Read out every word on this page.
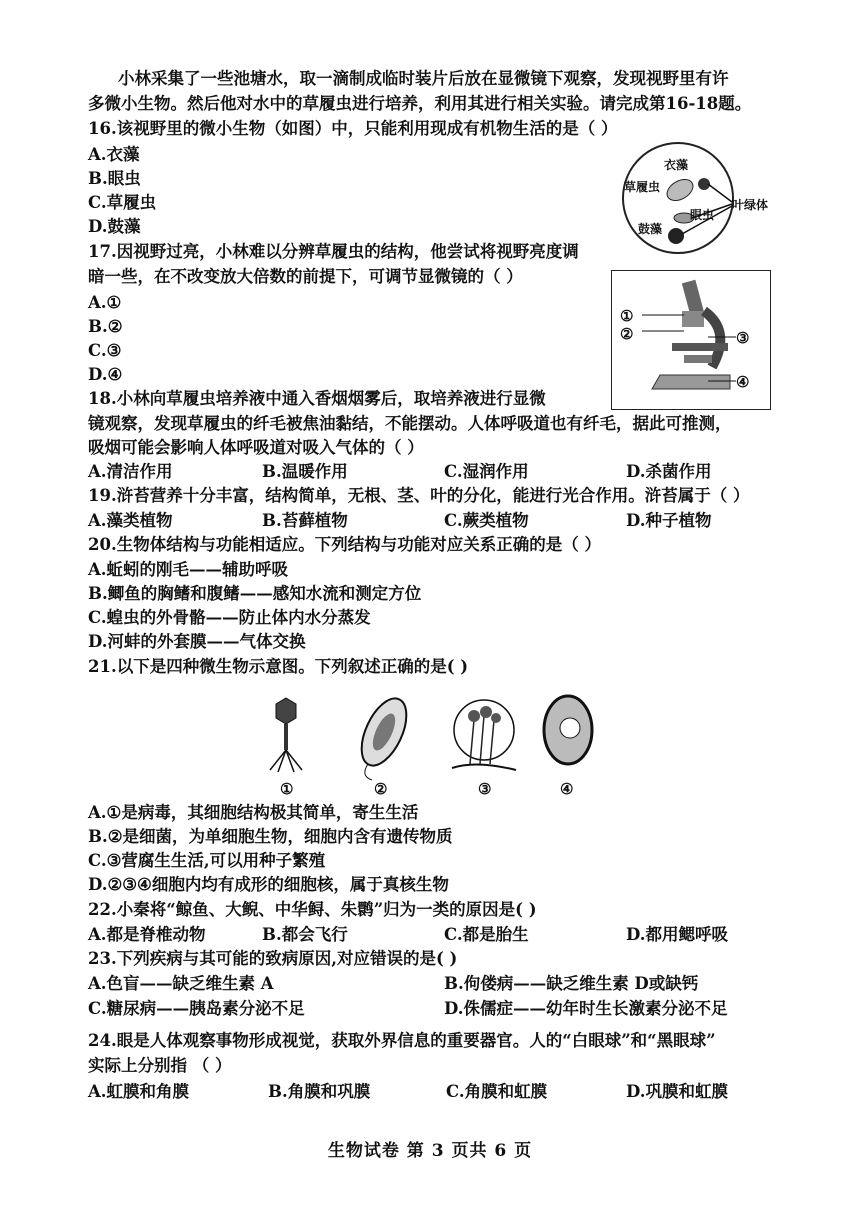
小林采集了一些池塘水，取一滴制成临时装片后放在显微镜下观察，发现视野里有许
多微小生物。然后他对水中的草履虫进行培养，利用其进行相关实验。请完成第16-18题。
16.该视野里的微小生物（如图）中，只能利用现成有机物生活的是（ ）
A.衣藻
B.眼虫
C.草履虫
D.鼓藻
衣藻
草履虫
眼虫
鼓藻
叶绿体
17.因视野过亮，小林难以分辨草履虫的结构，他尝试将视野亮度调
暗一些，在不改变放大倍数的前提下，可调节显微镜的（ ）
A.①
B.②
C.③
D.④
①
②	③
④
18.小林向草履虫培养液中通入香烟烟雾后，取培养液进行显微
镜观察，发现草履虫的纤毛被焦油黏结，不能摆动。人体呼吸道也有纤毛，据此可推测，
吸烟可能会影响人体呼吸道对吸入气体的（ ）
A.清洁作用	B.温暖作用	C.湿润作用	D.杀菌作用
19.浒苔营养十分丰富，结构简单，无根、茎、叶的分化，能进行光合作用。浒苔属于（ ）
A.藻类植物	B.苔藓植物	C.蕨类植物	D.种子植物
20.生物体结构与功能相适应。下列结构与功能对应关系正确的是（ ）
A.蚯蚓的刚毛——辅助呼吸
B.鲫鱼的胸鳍和腹鳍——感知水流和测定方位
C.蝗虫的外骨骼——防止体内水分蒸发
D.河蚌的外套膜——气体交换
21.以下是四种微生物示意图。下列叙述正确的是( )
①	②	③	④
A.①是病毒，其细胞结构极其简单，寄生生活
B.②是细菌，为单细胞生物，细胞内含有遗传物质
C.③营腐生生活,可以用种子繁殖
D.②③④细胞内均有成形的细胞核，属于真核生物
22.小秦将“鲸鱼、大鲵、中华鲟、朱鹮”归为一类的原因是( )
A.都是脊椎动物	B.都会飞行	C.都是胎生	D.都用鳃呼吸
23.下列疾病与其可能的致病原因,对应错误的是( )
A.色盲——缺乏维生素 A	B.佝偻病——缺乏维生素 D或缺钙
C.糖尿病——胰岛素分泌不足	D.侏儒症——幼年时生长激素分泌不足
24.眼是人体观察事物形成视觉，获取外界信息的重要器官。人的“白眼球”和“黑眼球”
实际上分别指 （ ）
A.虹膜和角膜	B.角膜和巩膜	C.角膜和虹膜	D.巩膜和虹膜
生物试卷 第 3 页共 6 页
